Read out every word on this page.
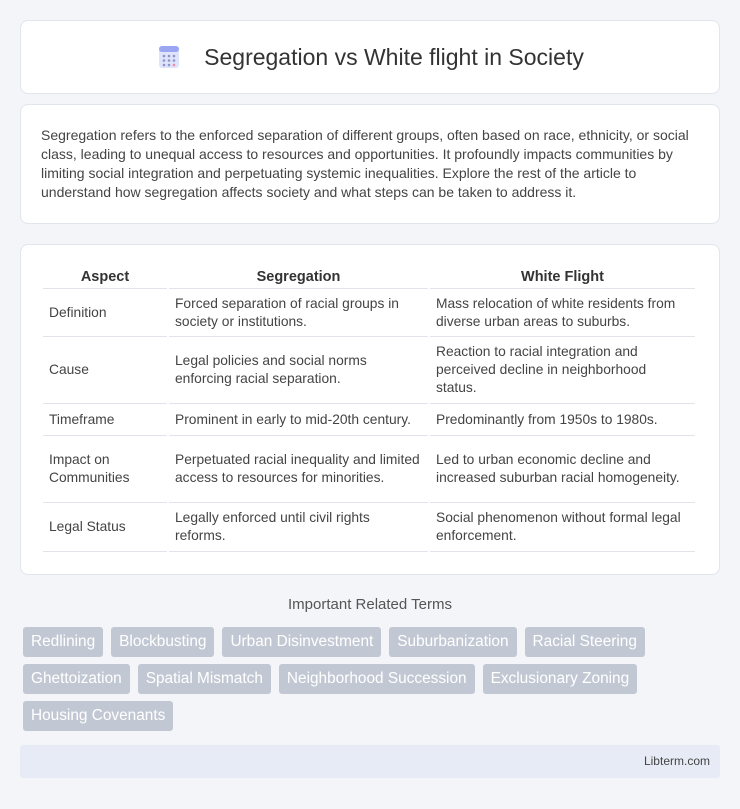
Segregation vs White flight in Society

Segregation refers to the enforced separation of different groups, often based on race, ethnicity, or social class, leading to unequal access to resources and opportunities. It profoundly impacts communities by limiting social integration and perpetuating systemic inequalities. Explore the rest of the article to understand how segregation affects society and what steps can be taken to address it.

Aspect	Segregation	White Flight
Definition	Forced separation of racial groups in society or institutions.	Mass relocation of white residents from diverse urban areas to suburbs.
Cause	Legal policies and social norms enforcing racial separation.	Reaction to racial integration and perceived decline in neighborhood status.
Timeframe	Prominent in early to mid-20th century.	Predominantly from 1950s to 1980s.
Impact on Communities	Perpetuated racial inequality and limited access to resources for minorities.	Led to urban economic decline and increased suburban racial homogeneity.
Legal Status	Legally enforced until civil rights reforms.	Social phenomenon without formal legal enforcement.
Important Related Terms
Redlining	Blockbusting	Urban Disinvestment	Suburbanization	Racial Steering
Ghettoization	Spatial Mismatch	Neighborhood Succession	Exclusionary Zoning
Housing Covenants
Libterm.com
